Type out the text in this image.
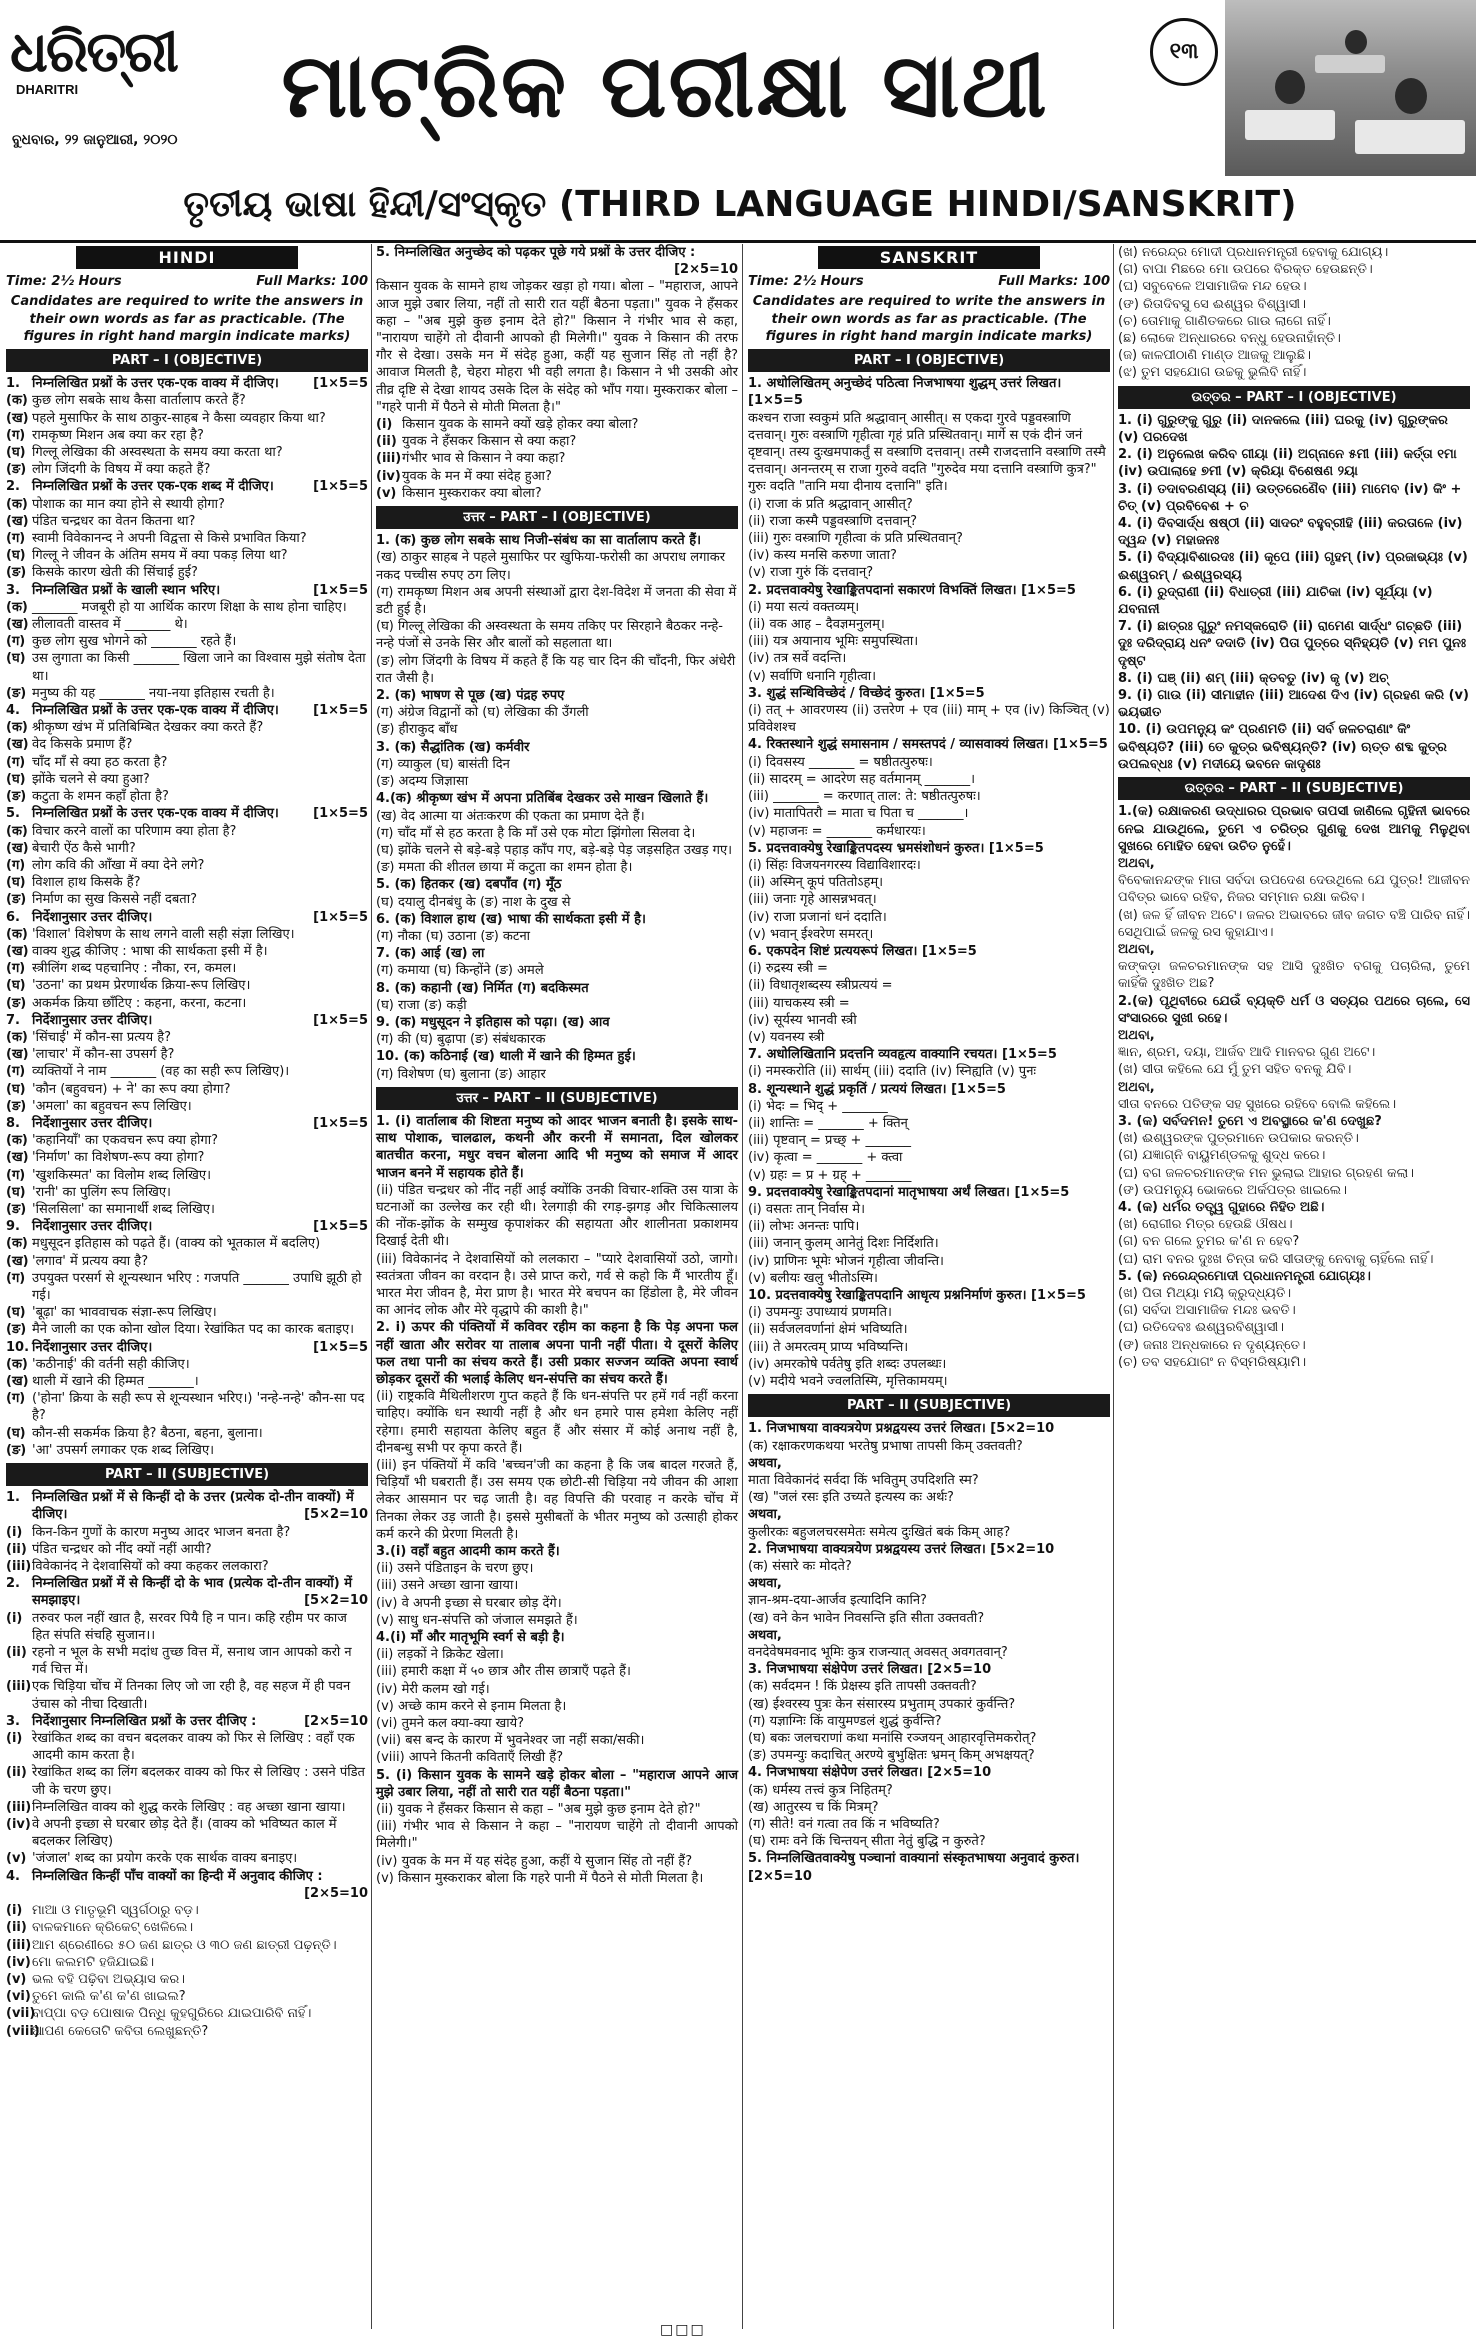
ଧରିତ୍ରୀ
DHARITRI
ବୁଧବାର, ୨୨ ଜାନୁଆରୀ, ୨୦୨୦
ମାଟ୍ରିକ ପରୀକ୍ଷା ସାଥୀ	୧୩
ତୃତୀୟ ଭାଷା ହିନ୍ଦୀ/ସଂସ୍କୃତ (THIRD LANGUAGE HINDI/SANSKRIT)
HINDI
Time: 2½ Hours	Full Marks: 100
Candidates are required to write the answers in their own words as far as practicable. (The figures in right hand margin indicate marks)
PART – I (OBJECTIVE)
1. निम्नलिखित प्रश्नों के उत्तर एक-एक वाक्य में दीजिए।	[1×5=5
(क) कुछ लोग सबके साथ कैसा वार्तालाप करते हैं?
(ख) पहले मुसाफिर के साथ ठाकुर-साहब ने कैसा व्यवहार किया था?
(ग) रामकृष्ण मिशन अब क्या कर रहा है?
(घ) गिल्लू लेखिका की अस्वस्थता के समय क्या करता था?
(ङ) लोग जिंदगी के विषय में क्या कहते हैं?
2. निम्नलिखित प्रश्नों के उत्तर एक-एक शब्द में दीजिए।	[1×5=5
(क) पोशाक का मान क्या होने से स्थायी होगा?
(ख) पंडित चन्द्रधर का वेतन कितना था?
(ग) स्वामी विवेकानन्द ने अपनी विद्वत्ता से किसे प्रभावित किया?
(घ) गिल्लू ने जीवन के अंतिम समय में क्या पकड़ लिया था?
(ङ) किसके कारण खेती की सिंचाई हुई?
3. निम्नलिखित प्रश्नों के खाली स्थान भरिए।	[1×5=5
(क) _______ मजबूरी हो या आर्थिक कारण शिक्षा के साथ होना चाहिए।
(ख) लीलावती वास्तव में _______ थे।
(ग) कुछ लोग सुख भोगने को _______ रहते हैं।
(घ) उस लुगाता का किसी _______ खिला जाने का विश्वास मुझे संतोष देता था।
(ङ) मनुष्य की यह _______ नया-नया इतिहास रचती है।
4. निम्नलिखित प्रश्नों के उत्तर एक-एक वाक्य में दीजिए।	[1×5=5
(क) श्रीकृष्ण खंभ में प्रतिबिम्बित देखकर क्या करते हैं?
(ख) वेद किसके प्रमाण हैं?
(ग) चाँद माँ से क्या हठ करता है?
(घ) झोंके चलने से क्या हुआ?
(ङ) कटुता के शमन कहाँ होता है?
5. निम्नलिखित प्रश्नों के उत्तर एक-एक वाक्य में दीजिए।	[1×5=5
(क) विचार करने वालों का परिणाम क्या होता है?
(ख) बेचारी ऐंठ कैसे भागी?
(ग) लोग कवि की आँखा में क्या देने लगे?
(घ) विशाल हाथ किसके हैं?
(ङ) निर्माण का सुख किससे नहीं दबता?
6. निर्देशानुसार उत्तर दीजिए।	[1×5=5
(क) 'विशाल' विशेषण के साथ लगने वाली सही संज्ञा लिखिए।
(ख) वाक्य शुद्ध कीजिए : भाषा की सार्थकता इसी में है।
(ग) स्त्रीलिंग शब्द पहचानिए : नौका, रन, कमल।
(घ) 'उठना' का प्रथम प्रेरणार्थक क्रिया-रूप लिखिए।
(ङ) अकर्मक क्रिया छाँटिए : कहना, करना, कटना।
7. निर्देशानुसार उत्तर दीजिए।	[1×5=5
(क) 'सिंचाई' में कौन-सा प्रत्यय है?
(ख) 'लाचार' में कौन-सा उपसर्ग है?
(ग) व्यक्तियों ने नाम _______ (वह का सही रूप लिखिए)।
(घ) 'कौन (बहुवचन) + ने' का रूप क्या होगा?
(ङ) 'अमला' का बहुवचन रूप लिखिए।
8. निर्देशानुसार उत्तर दीजिए।	[1×5=5
(क) 'कहानियाँ' का एकवचन रूप क्या होगा?
(ख) 'निर्माण' का विशेषण-रूप क्या होगा?
(ग) 'खुशकिस्मत' का विलोम शब्द लिखिए।
(घ) 'रानी' का पुलिंग रूप लिखिए।
(ङ) 'सिलसिला' का समानार्थी शब्द लिखिए।
9. निर्देशानुसार उत्तर दीजिए।	[1×5=5
(क) मधुसूदन इतिहास को पढ़ते हैं। (वाक्य को भूतकाल में बदलिए)
(ख) 'लगाव' में प्रत्यय क्या है?
(ग) उपयुक्त परसर्ग से शून्यस्थान भरिए : गजपति _______ उपाधि झूठी हो गई।
(घ) 'बूढ़ा' का भाववाचक संज्ञा-रूप लिखिए।
(ङ) मैने जाली का एक कोना खोल दिया। रेखांकित पद का कारक बताइए।
10. निर्देशानुसार उत्तर दीजिए।	[1×5=5
(क) 'कठीनाई' की वर्तनी सही कीजिए।
(ख) थाली में खाने की हिम्मत _______।
(ग) ('होना' क्रिया के सही रूप से शून्यस्थान भरिए।) 'नन्हे-नन्हे' कौन-सा पद है?
(घ) कौन-सी सकर्मक क्रिया है? बैठना, बहना, बुलाना।
(ङ) 'आ' उपसर्ग लगाकर एक शब्द लिखिए।
PART – II (SUBJECTIVE)
1. निम्नलिखित प्रश्नों में से किन्हीं दो के उत्तर (प्रत्येक दो-तीन वाक्यों) में दीजिए।	[5×2=10
(i) किन-किन गुणों के कारण मनुष्य आदर भाजन बनता है?
(ii) पंडित चन्द्रधर को नींद क्यों नहीं आयी?
(iii) विवेकानंद ने देशवासियों को क्या कहकर ललकारा?
2. निम्नलिखित प्रश्नों में से किन्हीं दो के भाव (प्रत्येक दो-तीन वाक्यों) में समझाइए।	[5×2=10
(i) तरुवर फल नहीं खात है, सरवर पियै हि न पान। कहि रहीम पर काज हित संपति संचहि सुजान।।
(ii) रहनो न भूल के सभी मदांध तुच्छ वित्त में, सनाथ जान आपको करो न गर्व चित्त में।
(iii) एक चिड़िया चोंच में तिनका लिए जो जा रही है, वह सहज में ही पवन उंचास को नीचा दिखाती।
3. निर्देशानुसार निम्नलिखित प्रश्नों के उत्तर दीजिए :	[2×5=10
(i) रेखांकित शब्द का वचन बदलकर वाक्य को फिर से लिखिए : वहाँ एक आदमी काम करता है।
(ii) रेखांकित शब्द का लिंग बदलकर वाक्य को फिर से लिखिए : उसने पंडित जी के चरण छुए।
(iii) निम्नलिखित वाक्य को शुद्ध करके लिखिए : वह अच्छा खाना खाया।
(iv) वे अपनी इच्छा से घरबार छोड़ देते हैं। (वाक्य को भविष्यत काल में बदलकर लिखिए)
(v) 'जंजाल' शब्द का प्रयोग करके एक सार्थक वाक्य बनाइए।
4. निम्नलिखित किन्हीं पाँच वाक्यों का हिन्दी में अनुवाद कीजिए :
[2×5=10
(i) ମାଆ ଓ ମାତୃଭୂମି ସ୍ୱର୍ଗଠାରୁ ବଡ଼।
(ii) ବାଳକମାନେ କ୍ରିକେଟ୍ ଖେଳିଲେ।
(iii) ଆମ ଶ୍ରେଣୀରେ ୫୦ ଜଣ ଛାତ୍ର ଓ ୩୦ ଜଣ ଛାତ୍ରୀ ପଢ଼ନ୍ତି।
(iv) ମୋ କଲମଟି ହଜିଯାଇଛି।
(v) ଭଲ ବହି ପଢ଼ିବା ଅଭ୍ୟାସ କର।
(vi) ତୁମେ କାଲି କ'ଣ କ'ଣ ଖାଇଲ?
(vii)
ବାପ୍ପା ବଡ଼ ପୋଷାକ ପିନ୍ଧି କୁହଗୁରିରେ ଯାଇପାରିବି ନାହିଁ।
(viii)
ଆପଣ କେତୋଟି କବିତା ଲେଖୁଛନ୍ତି?
5. निम्नलिखित अनुच्छेद को पढ़कर पूछे गये प्रश्नों के उत्तर दीजिए :
[2×5=10
किसान युवक के सामने हाथ जोड़कर खड़ा हो गया। बोला – "महाराज, आपने आज मुझे उबार लिया, नहीं तो सारी रात यहीं बैठना पड़ता।" युवक ने हँसकर कहा – "अब मुझे कुछ इनाम देते हो?" किसान ने गंभीर भाव से कहा, "नारायण चाहेंगे तो दीवानी आपको ही मिलेगी।" युवक ने किसान की तरफ गौर से देखा। उसके मन में संदेह हुआ, कहीं यह सुजान सिंह तो नहीं है? आवाज मिलती है, चेहरा मोहरा भी वही लगता है। किसान ने भी उसकी ओर तीव्र दृष्टि से देखा शायद उसके दिल के संदेह को भाँप गया। मुस्कराकर बोला – "गहरे पानी में पैठने से मोती मिलता है।"
(i) किसान युवक के सामने क्यों खड़े होकर क्या बोला?
(ii) युवक ने हँसकर किसान से क्या कहा?
(iii) गंभीर भाव से किसान ने क्या कहा?
(iv) युवक के मन में क्या संदेह हुआ?
(v) किसान मुस्कराकर क्या बोला?
उत्तर – PART – I (OBJECTIVE)
1. (क) कुछ लोग सबके साथ निजी-संबंध का सा वार्तालाप करते हैं।
(ख) ठाकुर साहब ने पहले मुसाफिर पर खुफिया-फरोसी का अपराध लगाकर नकद पच्चीस रुपए ठग लिए।
(ग) रामकृष्ण मिशन अब अपनी संस्थाओं द्वारा देश-विदेश में जनता की सेवा में डटी हुई है।
(घ) गिल्लू लेखिका की अस्वस्थता के समय तकिए पर सिरहाने बैठकर नन्हे-नन्हे पंजों से उनके सिर और बालों को सहलाता था।
(ङ) लोग जिंदगी के विषय में कहते हैं कि यह चार दिन की चाँदनी, फिर अंधेरी रात जैसी है।
2. (क) भाषण से पूछ (ख) पंद्रह रुपए
(ग) अंग्रेज विद्वानों को (घ) लेखिका की उँगली
(ङ) हीराकुद बाँध
3. (क) सैद्धांतिक (ख) कर्मवीर
(ग) व्याकुल (घ) बासंती दिन
(ङ) अदम्य जिज्ञासा
4.(क) श्रीकृष्ण खंभ में अपना प्रतिबिंब देखकर उसे माखन खिलाते हैं।
(ख) वेद आत्मा या अंतःकरण की एकता का प्रमाण देते हैं।
(ग) चाँद माँ से हठ करता है कि माँ उसे एक मोटा झिंगोला सिलवा दे।
(घ) झोंके चलने से बड़े-बड़े पहाड़ काँप गए, बड़े-बड़े पेड़ जड़सहित उखड़ गए।
(ङ) ममता की शीतल छाया में कटुता का शमन होता है।
5. (क) हितकर (ख) दबपाँव (ग) मूँठ
(घ) दयालु दीनबंधु के (ङ) नाश के दुख से
6. (क) विशाल हाथ (ख) भाषा की सार्थकता इसी में है।
(ग) नौका (घ) उठाना (ङ) कटना
7. (क) आई (ख) ला
(ग) कमाया (घ) किन्होंने (ङ) अमले
8. (क) कहानी (ख) निर्मित (ग) बदकिस्मत
(घ) राजा (ङ) कड़ी
9. (क) मधुसूदन ने इतिहास को पढ़ा। (ख) आव
(ग) की (घ) बुढ़ापा (ङ) संबंधकारक
10. (क) कठिनाई (ख) थाली में खाने की हिम्मत हुई।
(ग) विशेषण (घ) बुलाना (ङ) आहार
उत्तर – PART – II (SUBJECTIVE)
1. (i) वार्तालाब की शिष्टता मनुष्य को आदर भाजन बनाती है। इसके साथ-साथ पोशाक, चालढाल, कथनी और करनी में समानता, दिल खोलकर बातचीत करना, मधुर वचन बोलना आदि भी मनुष्य को समाज में आदर भाजन बनने में सहायक होते हैं।
(ii) पंडित चन्द्रधर को नींद नहीं आई क्योंकि उनकी विचार-शक्ति उस यात्रा के घटनाओं का उल्लेख कर रही थी। रेलगाड़ी की रगड़-झगड़ और चिकित्सालय की नोंक-झोंक के सम्मुख कृपाशंकर की सहायता और शालीनता प्रकाशमय दिखाई देती थी।
(iii) विवेकानंद ने देशवासियों को ललकारा – "प्यारे देशवासियों उठो, जागो। स्वतंत्रता जीवन का वरदान है। उसे प्राप्त करो, गर्व से कहो कि मैं भारतीय हूँ। भारत मेरा जीवन है, मेरा प्राण है। भारत मेरे बचपन का हिंडोला है, मेरे जीवन का आनंद लोक और मेरे वृद्धापे की काशी है।"
2. i) ऊपर की पंक्तियों में कविवर रहीम का कहना है कि पेड़ अपना फल नहीं खाता और सरोवर या तालाब अपना पानी नहीं पीता। ये दूसरों केलिए फल तथा पानी का संचय करते हैं। उसी प्रकार सज्जन व्यक्ति अपना स्वार्थ छोड़कर दूसरों की भलाई केलिए धन-संपत्ति का संचय करते हैं।
(ii) राष्ट्रकवि मैथिलीशरण गुप्त कहते हैं कि धन-संपत्ति पर हमें गर्व नहीं करना चाहिए। क्योंकि धन स्थायी नहीं है और धन हमारे पास हमेशा केलिए नहीं रहेगा। हमारी सहायता केलिए बहुत हैं और संसार में कोई अनाथ नहीं है, दीनबन्धु सभी पर कृपा करते हैं।
(iii) इन पंक्तियों में कवि 'बच्चन'जी का कहना है कि जब बादल गरजते हैं, चिड़ियाँ भी घबराती हैं। उस समय एक छोटी-सी चिड़िया नये जीवन की आशा लेकर आसमान पर चढ़ जाती है। वह विपत्ति की परवाह न करके चोंच में तिनका लेकर उड़ जाती है। इससे मुसीबतों के भीतर मनुष्य को उत्साही होकर कर्म करने की प्रेरणा मिलती है।
3.(i) वहाँ बहुत आदमी काम करते हैं।
(ii) उसने पंडिताइन के चरण छुए।
(iii) उसने अच्छा खाना खाया।
(iv) वे अपनी इच्छा से घरबार छोड़ देंगे।
(v) साधु धन-संपत्ति को जंजाल समझते हैं।
4.(i) माँ और मातृभूमि स्वर्ग से बड़ी है।
(ii) लड़कों ने क्रिकेट खेला।
(iii) हमारी कक्षा में ५० छात्र और तीस छात्राएँ पढ़ते हैं।
(iv) मेरी कलम खो गई।
(v) अच्छे काम करने से इनाम मिलता है।
(vi) तुमने कल क्या-क्या खाये?
(vii) बस बन्द के कारण में भुवनेश्वर जा नहीं सका/सकी।
(viii) आपने कितनी कविताएँ लिखी हैं?
5. (i) किसान युवक के सामने खड़े होकर बोला – "महाराज आपने आज मुझे उबार लिया, नहीं तो सारी रात यहीं बैठना पड़ता।"
(ii) युवक ने हँसकर किसान से कहा – "अब मुझे कुछ इनाम देते हो?"
(iii) गंभीर भाव से किसान ने कहा – "नारायण चाहेंगे तो दीवानी आपको मिलेगी।"
(iv) युवक के मन में यह संदेह हुआ, कहीं ये सुजान सिंह तो नहीं हैं?
(v) किसान मुस्कराकर बोला कि गहरे पानी में पैठने से मोती मिलता है।
SANSKRIT
Time: 2½ Hours	Full Marks: 100
Candidates are required to write the answers in their own words as far as practicable. (The figures in right hand margin indicate marks)
PART – I (OBJECTIVE)
1. अधोलिखितम् अनुच्छेदं पठित्वा निजभाषया शुद्धम् उत्तरं लिखत। [1×5=5
कश्चन राजा स्वकुमं प्रति श्रद्धावान् आसीत्। स एकदा गुरवे पड्डवस्त्राणि दत्तवान्। गुरुः वस्त्राणि गृहीत्वा गृहं प्रति प्रस्थितवान्। मार्गे स एकं दीनं जनं दृष्टवान्। तस्य दुःखमपाकर्तुं स वस्त्राणि दत्तवान्। तस्मै राजदत्तानि वस्त्राणि तस्मै दत्तवान्। अनन्तरम् स राजा गुरुवे वदति "गुरुदेव मया दत्तानि वस्त्राणि कुत्र?" गुरुः वदति "तानि मया दीनाय दत्तानि" इति।
(i) राजा कं प्रति श्रद्धावान् आसीत्?
(ii) राजा कस्मै पड्डवस्त्राणि दत्तवान्?
(iii) गुरुः वस्त्राणि गृहीत्वा कं प्रति प्रस्थितवान्?
(iv) कस्य मनसि करुणा जाता?
(v) राजा गुरुं किं दत्तवान्?
2. प्रदत्तवाक्येषु रेखाङ्कितपदानां सकारणं विभक्तिं लिखत। [1×5=5
(i) मया सत्यं वक्तव्यम्।
(ii) वक आह – दैवज्ञमनुलम्।
(iii) यत्र अयानाय भूमिः समुपस्थिता।
(iv) तत्र सर्वे वदन्ति।
(v) सर्वाणि धनानि गृहीत्वा।
3. शुद्धं सन्धिविच्छेदं / विच्छेदं कुरुत। [1×5=5
(i) तत् + आवरणस्य (ii) उत्तरेण + एव (iii) माम् + एव (iv) किञ्चित् (v) प्रविवेशश्च
4. रिक्तस्थाने शुद्धं समासनाम / समस्तपदं / व्यासवाक्यं लिखत। [1×5=5
(i) दिवसस्य _______ = षष्ठीतत्पुरुषः।
(ii) सादरम् = आदरेण सह वर्तमानम् _______।
(iii) _______ = करणात् ताल: ते: षष्ठीतत्पुरुषः।
(iv) मातापितरौ = माता च पिता च _______।
(v) महाजनः = _______ कर्मधारयः।
5. प्रदत्तवाक्येषु रेखाङ्कितपदस्य भ्रमसंशोधनं कुरुत। [1×5=5
(i) सिंहः विजयनगरस्य विद्याविशारदः।
(ii) अस्मिन् कूपं पतितोऽहम्।
(iii) जनाः गृहे आसन्नभवत्।
(iv) राजा प्रजानां धनं ददाति।
(v) भवान् ईश्वरेण समरत्।
6. एकपदेन शिष्टं प्रत्ययरूपं लिखत। [1×5=5
(i) रुद्रस्य स्त्री =
(ii) विधातृशब्दस्य स्त्रीप्रत्ययं =
(iii) याचकस्य स्त्री =
(iv) सूर्यस्य भानवी स्त्री
(v) यवनस्य स्त्री
7. अधोलिखितानि प्रदत्तनि व्यवहृत्य वाक्यानि रचयत। [1×5=5
(i) नमस्करोति (ii) सार्थम् (iii) ददाति (iv) स्निह्यति (v) पुनः
8. शून्यस्थाने शुद्धं प्रकृतिं / प्रत्ययं लिखत। [1×5=5
(i) भेदः = भिद् + _______
(ii) शान्तिः = _______ + क्तिन्
(iii) पृष्टवान् = प्रच्छ् + _______
(iv) कृत्वा = _______ + क्त्वा
(v) ग्रहः = प्र + ग्रह् + _______
9. प्रदत्तवाक्येषु रेखाङ्कितपदानां मातृभाषया अर्थं लिखत। [1×5=5
(i) वसतः तान् निर्वास मे।
(ii) लोभः अनन्तः पापि।
(iii) जनान् कुलम् आनेतुं दिशः निर्दिशति।
(iv) प्राणिनः भूमेः भोजनं गृहीत्वा जीवन्ति।
(v) बलीयः खलु भीतोऽस्मि।
10. प्रदत्तवाक्येषु रेखाङ्कितपदानि आधृत्य प्रश्ननिर्माणं कुरुत। [1×5=5
(i) उपमन्युः उपाध्यायं प्रणमति।
(ii) सर्वजलवर्णानां क्षेमं भविष्यति।
(iii) ते अमरत्वम् प्राप्य भविष्यन्ति।
(iv) अमरकोषे पर्वतेषु इति शब्दः उपलब्धः।
(v) मदीये भवने ज्वलतिस्मि, मृत्तिकामयम्।
PART – II (SUBJECTIVE)
1. निजभाषया वाक्यत्रयेण प्रश्नद्वयस्य उत्तरं लिखत। [5×2=10
(क) रक्षाकरणकथया भरतेषु प्रभाषा तापसी किम् उक्तवती?
अथवा,
माता विवेकानंदं सर्वदा किं भवितुम् उपदिशति स्म?
(ख) "जलं रसः इति उच्यते इत्यस्य कः अर्थः?
अथवा,
कुलीरकः बहुजलचरसमेतः समेत्य दुःखितं बकं किम् आह?
2. निजभाषया वाक्यत्रयेण प्रश्नद्वयस्य उत्तरं लिखत। [5×2=10
(क) संसारे कः मोदते?
अथवा,
ज्ञान-श्रम-दया-आर्जव इत्यादिनि कानि?
(ख) वने केन भावेन निवसन्ति इति सीता उक्तवती?
अथवा,
वनदेवेषमवनाद भूमिः कुत्र राजन्यात् अवसत् अवगतवान्?
3. निजभाषया संक्षेपेण उत्तरं लिखत। [2×5=10
(क) सर्वदमन ! किं प्रेक्षस्य इति तापसी उक्तवती?
(ख) ईश्वरस्य पुत्रः केन संसारस्य प्रभुताम् उपकारं कुर्वन्ति?
(ग) यज्ञाग्निः किं वायुमण्डलं शुद्धं कुर्वन्ति?
(घ) बकः जलचराणां कथा मनांसि रञ्जयन् आहारवृत्तिमकरोत्?
(ङ) उपमन्युः कदाचित् अरण्ये बुभुक्षितः भ्रमन् किम् अभक्षयत्?
4. निजभाषया संक्षेपेण उत्तरं लिखत। [2×5=10
(क) धर्मस्य तत्त्वं कुत्र निहितम्?
(ख) आतुरस्य च किं मित्रम्?
(ग) सीते! वनं गत्वा तव किं न भविष्यति?
(घ) रामः वने किं चिन्तयन् सीता नेतुं बुद्धि न कुरुते?
5. निम्नलिखितवाक्येषु पञ्चानां वाक्यानां संस्कृतभाषया अनुवादं कुरुत। [2×5=10
(ଖ) ନରେନ୍ଦ୍ର ମୋଦୀ ପ୍ରଧାନମନ୍ତ୍ରୀ ହେବାକୁ ଯୋଗ୍ୟ।
(ଗ) ବାପା ମିଛରେ ମୋ ଉପରେ ବିରକ୍ତ ହେଉଛନ୍ତି।
(ଘ) ସବୁବେଳେ ଅସାମାଜିକ ମନ୍ଦ ହେଉ।
(ଙ) ରିତାଦିବସୁ ସେ ଈଶ୍ୱର ବିଶ୍ୱାସୀ।
(ଚ) ତୋମାକୁ ଗାଣିତକରେ ଗାଉ ଲାଗେ ନାହିଁ।
(ଛ) ଲୋକେ ଅନ୍ଧାରରେ ବନ୍ଧୁ ହେଉନାହାଁନ୍ତି।
(ଜ) କାଳପୀଠାଣି ମାଣ୍ଡ ଆଜକୁ ଆଲୁଛି।
(ଝ) ତୁମ ସହଯୋଗ ଉଚ୍ଚକୁ ଭୁଲିବି ନାହିଁ।
ଉତ୍ତର – PART – I (OBJECTIVE)
1. (i) ଗୁରୁଙ୍କୁ ଗୁରୁ (ii) ଦାନକଲେ (iii) ଘରକୁ (iv) ଗୁରୁଙ୍କର (v) ପରଦେଖ
2. (i) ଅନୁଲେଖ କରିବ ଗୀୟା (ii) ଅଗ୍ନାନେ ୫ମୀ (iii) କର୍ତ୍ତା ୧ମା (iv) ଉପାଲାହେ ୭ମୀ (v) କ୍ରିୟା ବିଶେଷଣ ୨ୟା
3. (i) ତଦାବରଣସ୍ୟ (ii) ଉତ୍ତରେଣୈବ (iii) ମାମେବ (iv) କିଂ + ଚିତ୍ (v) ପ୍ରବିବେଶ + ଚ
4. (i) ଦିବସାର୍ଦ୍ଧ ଷଷ୍ଠୀ (ii) ସାଦରଂ ବହୁବ୍ରୀହି (iii) କରତାଳେ (iv) ଦ୍ୱନ୍ଦ (v) ମହାଜନଃ
5. (i) ବିଦ୍ୟାବିଶାରଦଃ (ii) କୂପେ (iii) ଗୃହମ୍ (iv) ପ୍ରଜାଭ୍ୟଃ (v) ଈଶ୍ୱରମ୍ / ଈଶ୍ୱରସ୍ୟ
6. (i) ରୁଦ୍ରାଣୀ (ii) ବିଧାତ୍ରୀ (iii) ଯାଚିକା (iv) ସୂର୍ଯ୍ୟା (v) ଯବନାନୀ
7. (i) ଛାତ୍ରଃ ଗୁରୁଂ ନମସ୍କରୋତି (ii) ରାମେଣ ସାର୍ଦ୍ଧଂ ଗଚ୍ଛତି (iii) ଦୁଃ ଦରିଦ୍ରାୟ ଧନଂ ଦଦାତି (iv) ପିତା ପୁତ୍ରେ ସ୍ନିହ୍ୟତି (v) ମମ ପୁନଃ ଦୃଷ୍ଟ
8. (i) ଘଞ୍ (ii) ଶମ୍ (iii) କ୍ତବତୁ (iv) କୃ (v) ଅଚ୍
9. (i) ଗାଉ (ii) ସୀମାହୀନ (iii) ଆଦେଶ ଦିଏ (iv) ଗ୍ରହଣ କରି (v) ଭୟଭୀତ
10. (i) ଉପମନ୍ୟୁ କଂ ପ୍ରଣମତି (ii) ସର୍ବ ଜଳଚରାଣାଂ କିଂ ଭବିଷ୍ୟତି? (iii) ତେ କୁତ୍ର ଭବିଷ୍ୟନ୍ତି? (iv) ଋତ୍ତ ଶବ୍ଦ କୁତ୍ର ଉପଲବ୍ଧଃ (v) ମଦୀୟେ ଭବନେ କାଦୃଶଃ
ଉତ୍ତର – PART – II (SUBJECTIVE)
1.(କ) ରକ୍ଷାକରଣ ଉଦ୍ଧାରର ପ୍ରଭାବ ତାପସୀ ଜାଣିଲେ ଗୃହିନୀ ଭାବରେ ନେଇ ଯାଉଥିଲେ, ତୁମେ ଏ ଚରିତ୍ର ଗୁଣକୁ ଦେଖ ଆମକୁ ମିଳୁଥିବା ସୁଖରେ ମୋହିତ ହେବା ଉଚିତ ନୁହେଁ।
ଅଥବା,
ବିବେକାନନ୍ଦଙ୍କ ମାତା ସର୍ବଦା ଉପଦେଶ ଦେଉଥିଲେ ଯେ ପୁତ୍ର! ଆଜୀବନ ପବିତ୍ର ଭାବେ ରହିବ, ନିଜର ସମ୍ମାନ ରକ୍ଷା କରିବ।
(ଖ) ଜଳ ହିଁ ଜୀବନ ଅଟେ। ଜଳର ଅଭାବରେ ଜୀବ ଜଗତ ବଞ୍ଚି ପାରିବ ନାହିଁ। ସେଥିପାଇଁ ଜଳକୁ ରସ କୁହାଯାଏ।
ଅଥବା,
କଙ୍କଡ଼ା ଜଳଚରମାନଙ୍କ ସହ ଆସି ଦୁଃଖିତ ବଗକୁ ପଚାରିଲା, ତୁମେ କାହିଁକି ଦୁଃଖିତ ଅଛ?
2.(କ) ପୃଥିବୀରେ ଯେଉଁ ବ୍ୟକ୍ତି ଧର୍ମ ଓ ସତ୍ୟର ପଥରେ ଚାଲେ, ସେ ସଂସାରରେ ସୁଖୀ ରହେ।
ଅଥବା,
ଜ୍ଞାନ, ଶ୍ରମ, ଦୟା, ଆର୍ଜବ ଆଦି ମାନବର ଗୁଣ ଅଟେ।
(ଖ) ସୀତା କହିଲେ ଯେ ମୁଁ ତୁମ ସହିତ ବନକୁ ଯିବି।
ଅଥବା,
ସୀତା ବନରେ ପତିଙ୍କ ସହ ସୁଖରେ ରହିବେ ବୋଲି କହିଲେ।
3. (କ) ସର୍ବଦମନ! ତୁମେ ଏ ଅବସ୍ଥାରେ କ'ଣ ଦେଖୁଛ?
(ଖ) ଈଶ୍ୱରଙ୍କ ପୁତ୍ରମାନେ ଉପକାର କରନ୍ତି।
(ଗ) ଯଜ୍ଞାଗ୍ନି ବାୟୁମଣ୍ଡଳକୁ ଶୁଦ୍ଧ କରେ।
(ଘ) ବଗ ଜଳଚରମାନଙ୍କ ମନ ଭୁଲାଇ ଆହାର ଗ୍ରହଣ କଲା।
(ଙ) ଉପମନ୍ୟୁ ଭୋକରେ ଅର୍କପତ୍ର ଖାଇଲେ।
4. (କ) ଧର୍ମର ତତ୍ତ୍ୱ ଗୁହାରେ ନିହିତ ଅଛି।
(ଖ) ରୋଗୀର ମିତ୍ର ହେଉଛି ଔଷଧ।
(ଗ) ବନ ଗଲେ ତୁମର କ'ଣ ନ ହେବ?
(ଘ) ରାମ ବନର ଦୁଃଖ ଚିନ୍ତା କରି ସୀତାଙ୍କୁ ନେବାକୁ ଚାହିଁଲେ ନାହିଁ।
5. (କ) ନରେନ୍ଦ୍ରମୋଦୀ ପ୍ରଧାନମନ୍ତ୍ରୀ ଯୋଗ୍ୟଃ।
(ଖ) ପିତା ମିଥ୍ୟା ମୟି କ୍ରୁଦ୍ଧ୍ୟତି।
(ଗ) ସର୍ବଦା ଅସାମାଜିକ ମନ୍ଦଃ ଭବତି।
(ଘ) ରତିଦେବଃ ଈଶ୍ୱରବିଶ୍ୱାସୀ।
(ଙ) ଜନାଃ ଅନ୍ଧକାରେ ନ ଦୃଶ୍ୟନ୍ତେ।
(ଚ) ତବ ସହଯୋଗଂ ନ ବିସ୍ମରିଷ୍ୟାମି।
□□□
